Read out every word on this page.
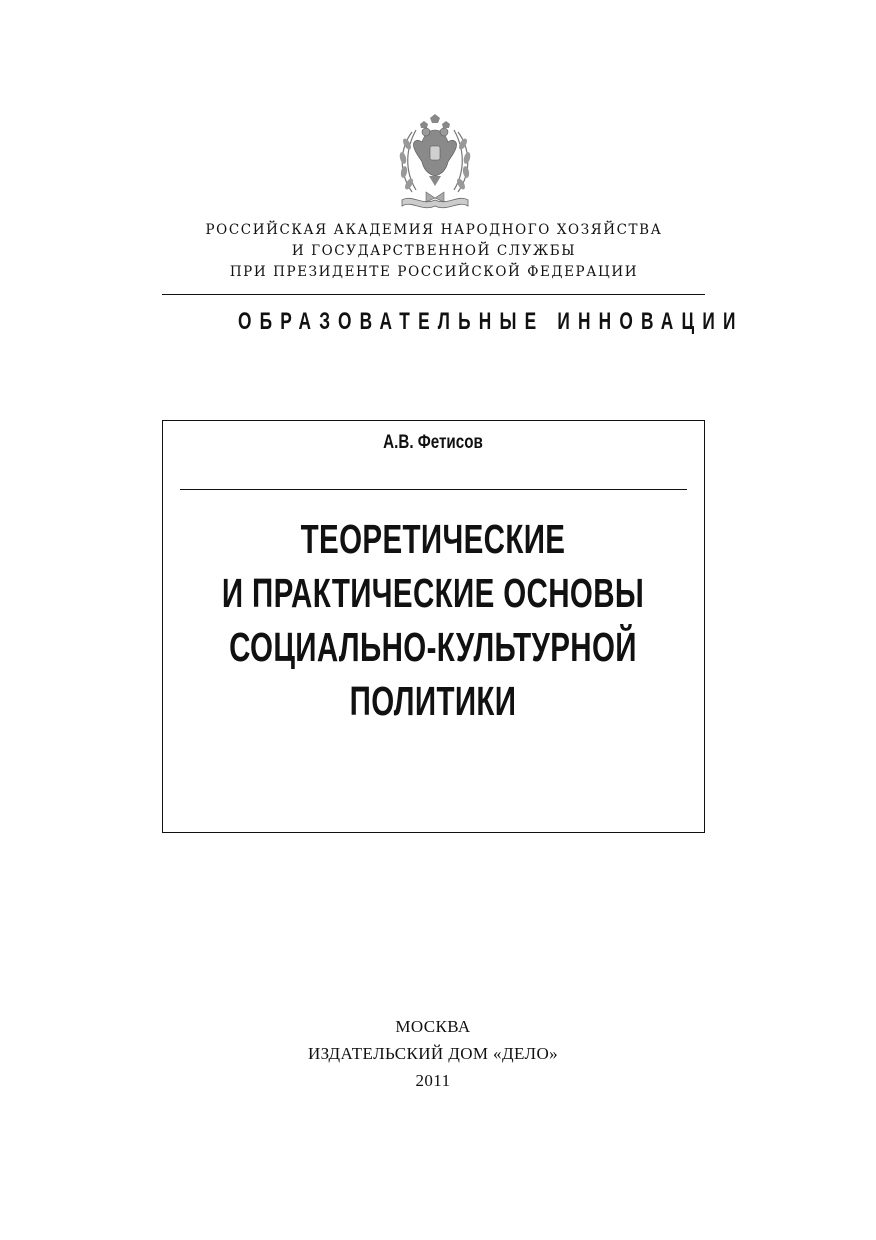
РОССИЙСКАЯ АКАДЕМИЯ НАРОДНОГО ХОЗЯЙСТВА
И ГОСУДАРСТВЕННОЙ СЛУЖБЫ
ПРИ ПРЕЗИДЕНТЕ РОССИЙСКОЙ ФЕДЕРАЦИИ
ОБРАЗОВАТЕЛЬНЫЕ ИННОВАЦИИ
А.В. Фетисов
ТЕОРЕТИЧЕСКИЕ
И ПРАКТИЧЕСКИЕ ОСНОВЫ
СОЦИАЛЬНО-КУЛЬТУРНОЙ
ПОЛИТИКИ
МОСКВА
ИЗДАТЕЛЬСКИЙ ДОМ «ДЕЛО»
2011
